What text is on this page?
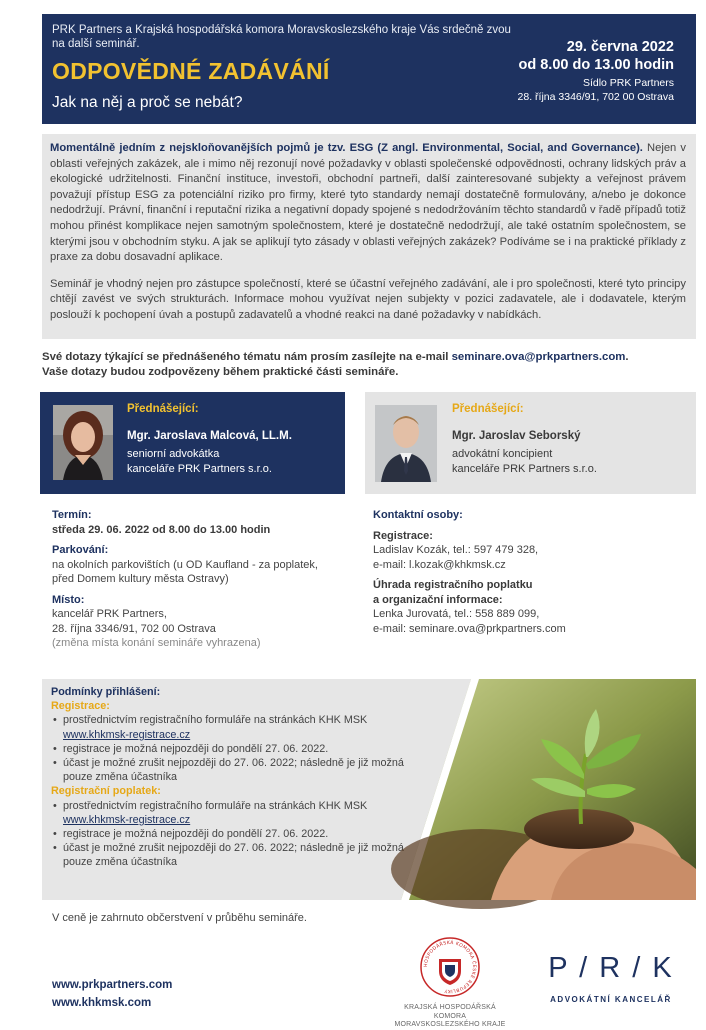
PRK Partners a Krajská hospodářská komora Moravskoslezského kraje Vás srdečně zvou na další seminář.
ODPOVĚDNÉ ZADÁVÁNÍ
Jak na něj a proč se nebát?
29. června 2022
od 8.00 do 13.00 hodin
Sídlo PRK Partners
28. října 3346/91, 702 00 Ostrava

Momentálně jedním z nejskloňovanějších pojmů je tzv. ESG (Z angl. Environmental, Social, and Governance). Nejen v oblasti veřejných zakázek, ale i mimo něj rezonují nové požadavky v oblasti společenské odpovědnosti, ochrany lidských práv a ekologické udržitelnosti. Finanční instituce, investoři, obchodní partneři, další zainteresované subjekty a veřejnost právem považují přístup ESG za potenciální riziko pro firmy, které tyto standardy nemají dostatečně formulovány, a/nebo je dokonce nedodržují. Právní, finanční i reputační rizika a negativní dopady spojené s nedodržováním těchto standardů v řadě případů totiž mohou přinést komplikace nejen samotným společnostem, které je dostatečně nedodržují, ale také ostatním společnostem, se kterými jsou v obchodním styku. A jak se aplikují tyto zásady v oblasti veřejných zakázek? Podíváme se i na praktické příklady z praxe za dobu dosavadní aplikace.

Seminář je vhodný nejen pro zástupce společností, které se účastní veřejného zadávání, ale i pro společnosti, které tyto principy chtějí zavést ve svých strukturách. Informace mohou využívat nejen subjekty v pozici zadavatele, ale i dodavatele, kterým poslouží k pochopení úvah a postupů zadavatelů a vhodné reakci na dané požadavky v nabídkách.

Své dotazy týkající se přednášeného tématu nám prosím zasílejte na e-mail seminare.ova@prkpartners.com.
Vaše dotazy budou zodpovězeny během praktické části semináře.
Přednášející:
Mgr. Jaroslava Malcová, LL.M.
seniorní advokátka
kanceláře PRK Partners s.r.o.
Přednášející:
Mgr. Jaroslav Seborský
advokátní koncipient
kanceláře PRK Partners s.r.o.
Termín:
středa 29. 06. 2022 od 8.00 do 13.00 hodin
Parkování:
na okolních parkovištích (u OD Kaufland - za poplatek,
před Domem kultury města Ostravy)
Místo:
kancelář PRK Partners,
28. října 3346/91, 702 00 Ostrava
(změna místa konání semináře vyhrazena)
Kontaktní osoby:
Registrace:
Ladislav Kozák, tel.: 597 479 328,
e-mail: l.kozak@khkmsk.cz
Úhrada registračního poplatku
a organizační informace:
Lenka Jurovatá, tel.: 558 889 099,
e-mail: seminare.ova@prkpartners.com
Podmínky přihlášení:
Registrace:
• prostřednictvím registračního formuláře na stránkách KHK MSK www.khkmsk-registrace.cz
• registrace je možná nejpozději do pondělí 27. 06. 2022.
• účast je možné zrušit nejpozději do 27. 06. 2022; následně je již možná pouze změna účastníka
Registrační poplatek:
• prostřednictvím registračního formuláře na stránkách KHK MSK www.khkmsk-registrace.cz
• registrace je možná nejpozději do pondělí 27. 06. 2022.
• účast je možné zrušit nejpozději do 27. 06. 2022; následně je již možná pouze změna účastníka
V ceně je zahrnuto občerstvení v průběhu semináře.
www.prkpartners.com
www.khkmsk.com
HOSPODÁŘSKÁ KOMORA ČESKÉ REPUBLIKY
KRAJSKÁ HOSPODÁŘSKÁ KOMORA
MORAVSKOSLEZSKÉHO KRAJE
P / R / K
ADVOKÁTNÍ KANCELÁŘ
